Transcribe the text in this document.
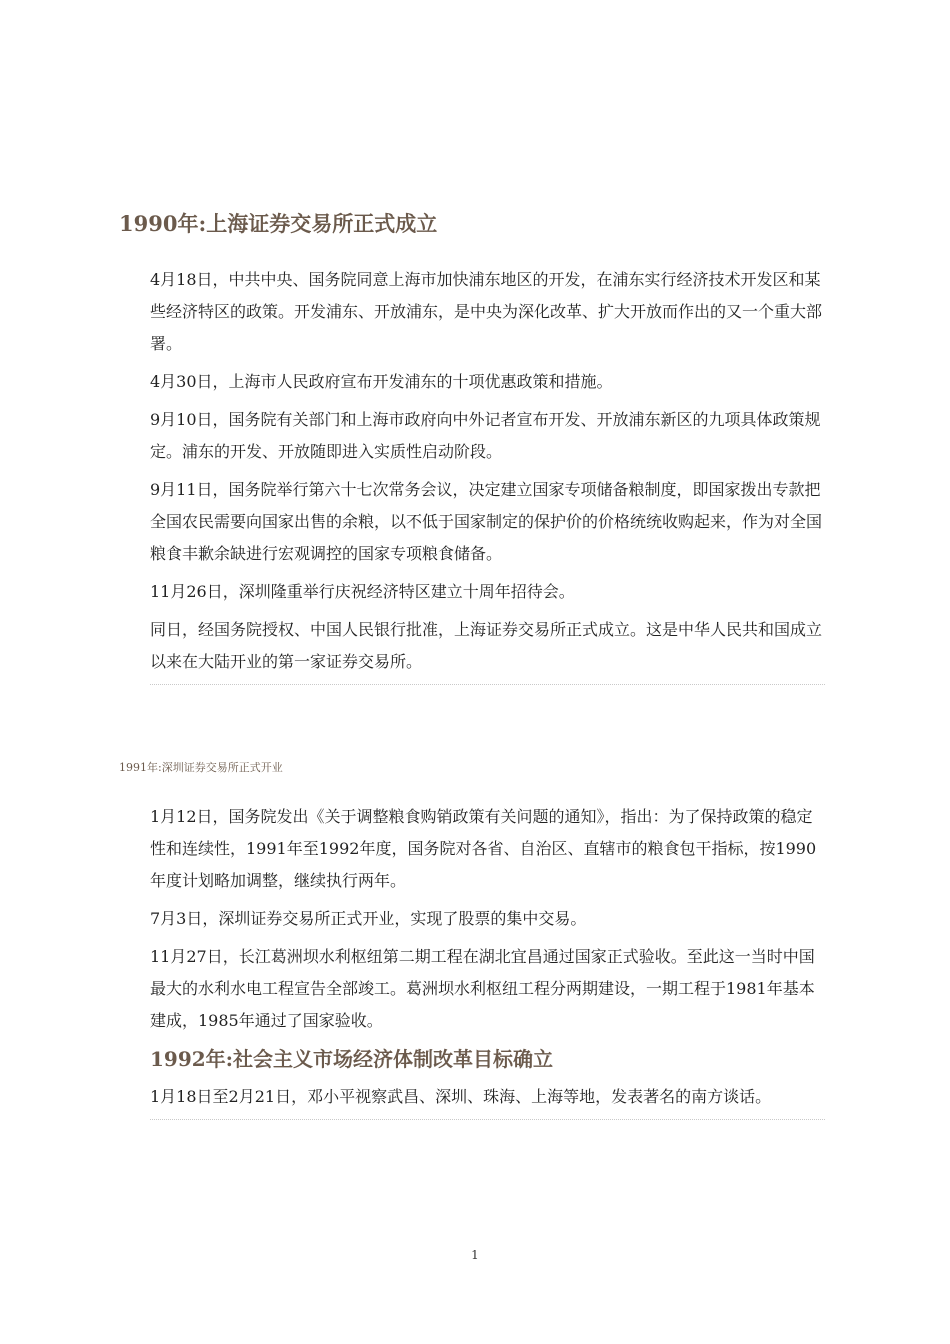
1990年:上海证券交易所正式成立

4月18日，中共中央、国务院同意上海市加快浦东地区的开发，在浦东实行经济技术开发区和某些经济特区的政策。开发浦东、开放浦东，是中央为深化改革、扩大开放而作出的又一个重大部署。

4月30日，上海市人民政府宣布开发浦东的十项优惠政策和措施。

9月10日，国务院有关部门和上海市政府向中外记者宣布开发、开放浦东新区的九项具体政策规定。浦东的开发、开放随即进入实质性启动阶段。

9月11日，国务院举行第六十七次常务会议，决定建立国家专项储备粮制度，即国家拨出专款把全国农民需要向国家出售的余粮，以不低于国家制定的保护价的价格统统收购起来，作为对全国粮食丰歉余缺进行宏观调控的国家专项粮食储备。

11月26日，深圳隆重举行庆祝经济特区建立十周年招待会。

同日，经国务院授权、中国人民银行批准，上海证券交易所正式成立。这是中华人民共和国成立以来在大陆开业的第一家证券交易所。

1991年:深圳证券交易所正式开业

1月12日，国务院发出《关于调整粮食购销政策有关问题的通知》，指出：为了保持政策的稳定性和连续性，1991年至1992年度，国务院对各省、自治区、直辖市的粮食包干指标，按1990年度计划略加调整，继续执行两年。

7月3日，深圳证券交易所正式开业，实现了股票的集中交易。

11月27日，长江葛洲坝水利枢纽第二期工程在湖北宜昌通过国家正式验收。至此这一当时中国最大的水利水电工程宣告全部竣工。葛洲坝水利枢纽工程分两期建设，一期工程于1981年基本建成，1985年通过了国家验收。

1992年:社会主义市场经济体制改革目标确立

1月18日至2月21日，邓小平视察武昌、深圳、珠海、上海等地，发表著名的南方谈话。

1
